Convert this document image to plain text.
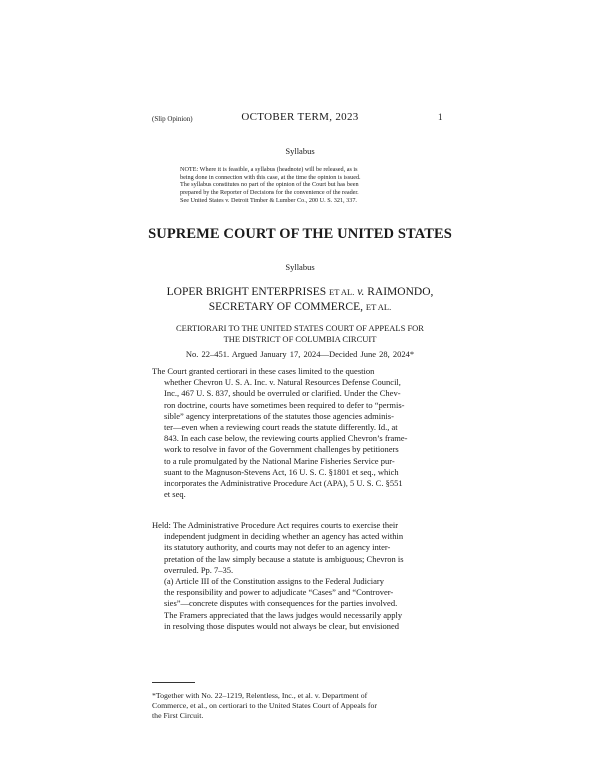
(Slip Opinion)	OCTOBER TERM, 2023	1
Syllabus
NOTE: Where it is feasible, a syllabus (headnote) will be released, as is
being done in connection with this case, at the time the opinion is issued.
The syllabus constitutes no part of the opinion of the Court but has been
prepared by the Reporter of Decisions for the convenience of the reader.
See United States v. Detroit Timber & Lumber Co., 200 U. S. 321, 337.
SUPREME COURT OF THE UNITED STATES
Syllabus
LOPER BRIGHT ENTERPRISES ET AL. v. RAIMONDO,
SECRETARY OF COMMERCE, ET AL.
CERTIORARI TO THE UNITED STATES COURT OF APPEALS FOR
THE DISTRICT OF COLUMBIA CIRCUIT
No. 22–451. Argued January 17, 2024—Decided June 28, 2024*
The Court granted certiorari in these cases limited to the question
whether Chevron U. S. A. Inc. v. Natural Resources Defense Council,
Inc., 467 U. S. 837, should be overruled or clarified. Under the Chev-
ron doctrine, courts have sometimes been required to defer to “permis-
sible” agency interpretations of the statutes those agencies adminis-
ter—even when a reviewing court reads the statute differently. Id., at
843. In each case below, the reviewing courts applied Chevron’s frame-
work to resolve in favor of the Government challenges by petitioners
to a rule promulgated by the National Marine Fisheries Service pur-
suant to the Magnuson-Stevens Act, 16 U. S. C. §1801 et seq., which
incorporates the Administrative Procedure Act (APA), 5 U. S. C. §551
et seq.
Held: The Administrative Procedure Act requires courts to exercise their
independent judgment in deciding whether an agency has acted within
its statutory authority, and courts may not defer to an agency inter-
pretation of the law simply because a statute is ambiguous; Chevron is
overruled. Pp. 7–35.
(a) Article III of the Constitution assigns to the Federal Judiciary
the responsibility and power to adjudicate “Cases” and “Controver-
sies”—concrete disputes with consequences for the parties involved.
The Framers appreciated that the laws judges would necessarily apply
in resolving those disputes would not always be clear, but envisioned
*Together with No. 22–1219, Relentless, Inc., et al. v. Department of
Commerce, et al., on certiorari to the United States Court of Appeals for
the First Circuit.
